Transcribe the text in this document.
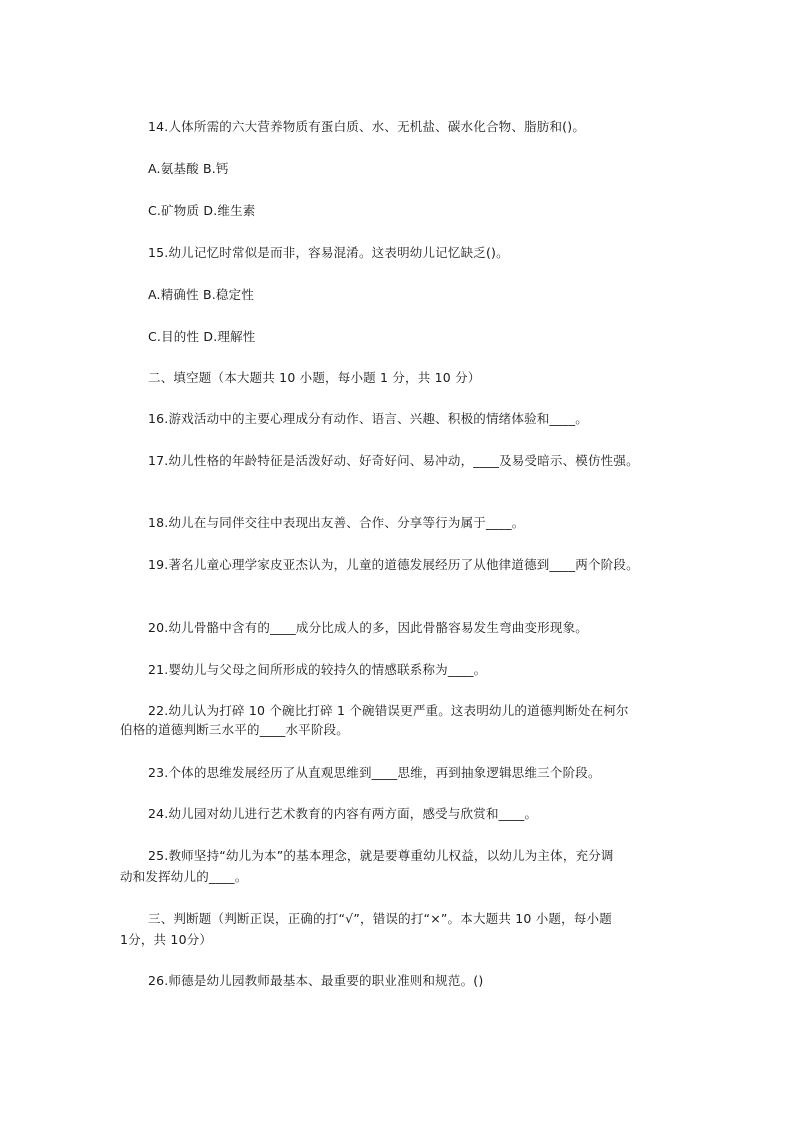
14.人体所需的六大营养物质有蛋白质、水、无机盐、碳水化合物、脂肪和()。
A.氨基酸 B.钙
C.矿物质 D.维生素
15.幼儿记忆时常似是而非，容易混淆。这表明幼儿记忆缺乏()。
A.精确性 B.稳定性
C.目的性 D.理解性
二、填空题（本大题共 10 小题，每小题 1 分，共 10 分）
16.游戏活动中的主要心理成分有动作、语言、兴趣、积极的情绪体验和____。
17.幼儿性格的年龄特征是活泼好动、好奇好问、易冲动，____及易受暗示、模仿性强。
18.幼儿在与同伴交往中表现出友善、合作、分享等行为属于____。
19.著名儿童心理学家皮亚杰认为，儿童的道德发展经历了从他律道德到____两个阶段。
20.幼儿骨骼中含有的____成分比成人的多，因此骨骼容易发生弯曲变形现象。
21.婴幼儿与父母之间所形成的较持久的情感联系称为____。
22.幼儿认为打碎 10 个碗比打碎 1 个碗错误更严重。这表明幼儿的道德判断处在柯尔
伯格的道德判断三水平的____水平阶段。
23.个体的思维发展经历了从直观思维到____思维，再到抽象逻辑思维三个阶段。
24.幼儿园对幼儿进行艺术教育的内容有两方面，感受与欣赏和____。
25.教师坚持“幼儿为本”的基本理念，就是要尊重幼儿权益，以幼儿为主体，充分调
动和发挥幼儿的____。
三、判断题（判断正误，正确的打“√”，错误的打“×”。本大题共 10 小题，每小题
1分，共 10分）
26.师德是幼儿园教师最基本、最重要的职业准则和规范。()
